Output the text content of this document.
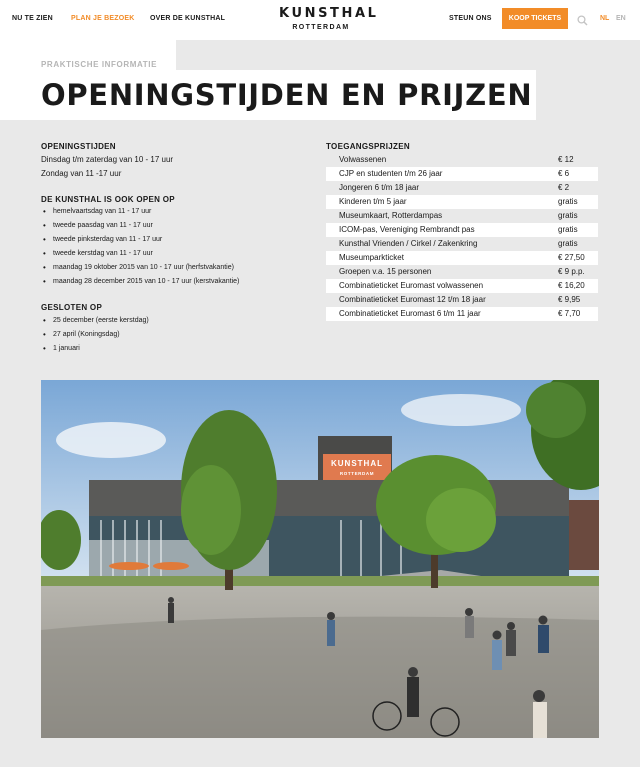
NU TE ZIEN	PLAN JE BEZOEK OVER DE KUNSTHAL	KUNSTHAL
ROTTERDAM
STEUN ONS	KOOP TICKETS	NL EN
PRAKTISCHE INFORMATIE
OPENINGSTIJDEN EN PRIJZEN
OPENINGSTIJDEN
Dinsdag t/m zaterdag van 10 - 17 uur
Zondag van 11 -17 uur
DE KUNSTHAL IS OOK OPEN OP
• hemelvaartsdag van 11 - 17 uur
• tweede paasdag van 11 - 17 uur
• tweede pinksterdag van 11 - 17 uur
• tweede kerstdag van 11 - 17 uur
• maandag 19 oktober 2015 van 10 - 17 uur (herfstvakantie)
• maandag 28 december 2015 van 10 - 17 uur (kerstvakantie)
GESLOTEN OP
• 25 december (eerste kerstdag)
• 27 april (Koningsdag)
• 1 januari
TOEGANGSPRIJZEN
Volwassenen	€ 12
CJP en studenten t/m 26 jaar	€ 6
Jongeren 6 t/m 18 jaar	€ 2
Kinderen t/m 5 jaar	gratis
Museumkaart, Rotterdampas	gratis
ICOM-pas, Vereniging Rembrandt pas	gratis
Kunsthal Vrienden / Cirkel / Zakenkring	gratis
Museumparkticket	€ 27,50
Groepen v.a. 15 personen	€ 9 p.p.
Combinatieticket Euromast volwassenen	€ 16,20
Combinatieticket Euromast 12 t/m 18 jaar	€ 9,95
Combinatieticket Euromast 6 t/m 11 jaar	€ 7,70
KUNSTHAL
ROTTERDAM
